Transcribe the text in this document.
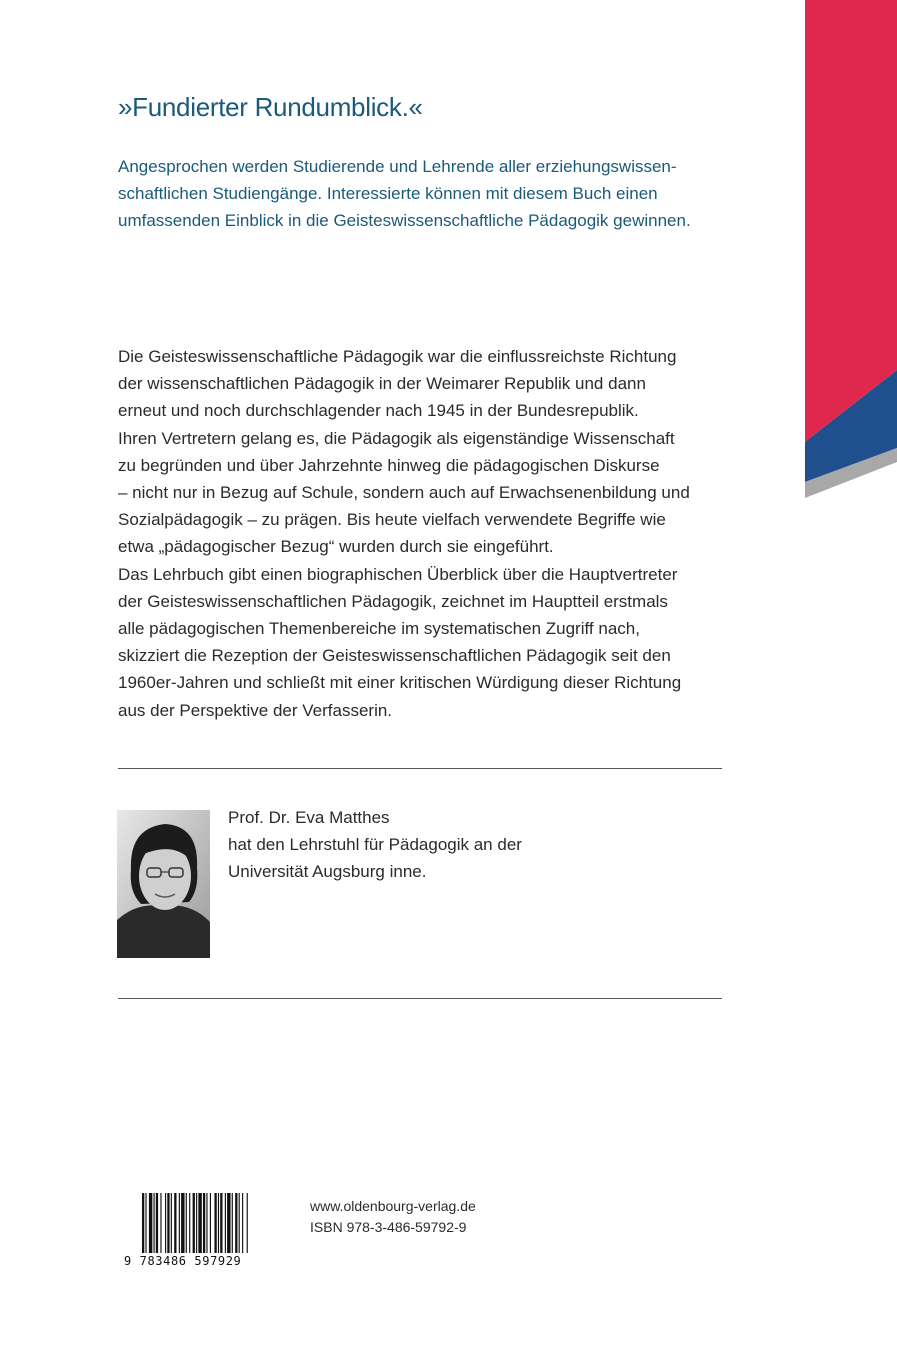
»Fundierter Rundumblick.«

Angesprochen werden Studierende und Lehrende aller erziehungswissen-
schaftlichen Studiengänge. Interessierte können mit diesem Buch einen
umfassenden Einblick in die Geisteswissenschaftliche Pädagogik gewinnen.

Die Geisteswissenschaftliche Pädagogik war die einflussreichste Richtung
der wissenschaftlichen Pädagogik in der Weimarer Republik und dann
erneut und noch durchschlagender nach 1945 in der Bundesrepublik.
Ihren Vertretern gelang es, die Pädagogik als eigenständige Wissenschaft
zu begründen und über Jahrzehnte hinweg die pädagogischen Diskurse
– nicht nur in Bezug auf Schule, sondern auch auf Erwachsenenbildung und
Sozialpädagogik – zu prägen. Bis heute vielfach verwendete Begriffe wie
etwa „pädagogischer Bezug“ wurden durch sie eingeführt.
Das Lehrbuch gibt einen biographischen Überblick über die Hauptvertreter
der Geisteswissenschaftlichen Pädagogik, zeichnet im Hauptteil erstmals
alle pädagogischen Themenbereiche im systematischen Zugriff nach,
skizziert die Rezeption der Geisteswissenschaftlichen Pädagogik seit den
1960er-Jahren und schließt mit einer kritischen Würdigung dieser Richtung
aus der Perspektive der Verfasserin.

Prof. Dr. Eva Matthes
hat den Lehrstuhl für Pädagogik an der
Universität Augsburg inne.

9 783486 597929
www.oldenbourg-verlag.de
ISBN 978-3-486-59792-9
